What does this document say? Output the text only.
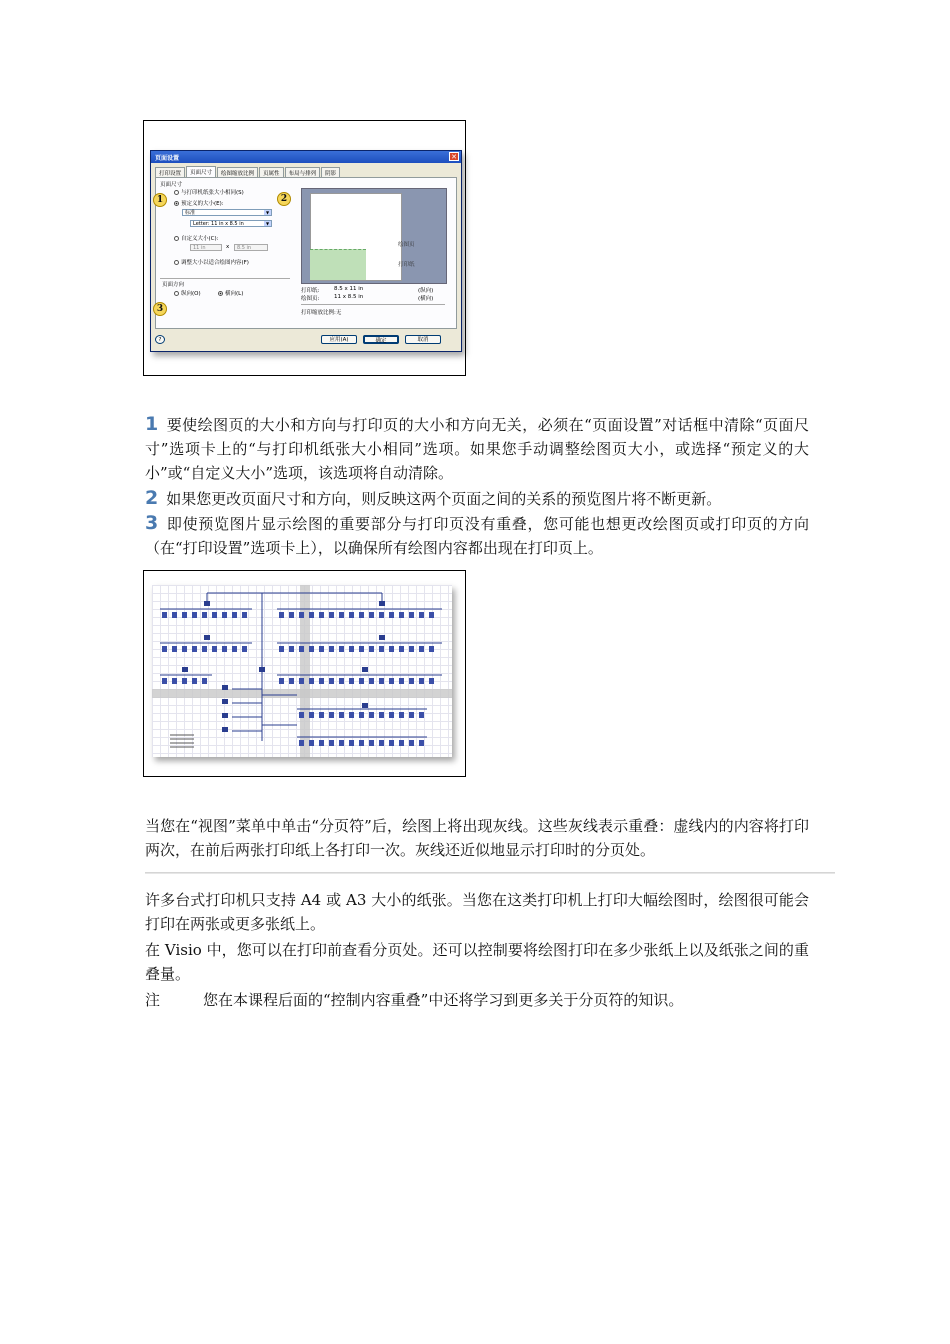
页面设置	✕
打印设置	页面尺寸	绘图缩放比例	页属性	布局与排列	阴影
页面尺寸
与打印机纸张大小相同(S)
预定义的大小(E):
标准	▼
Letter: 11 in x 8.5 in	▼
自定义大小(C):
11 in	x	8.5 in
调整大小以适合绘图内容(F)
页面方向
纵向(O)	横向(L)
绘图页
打印纸
打印纸:	8.5 x 11 in	(纵向)
绘图页:	11 x 8.5 in	(横向)
打印缩放比例:无
?	应用(A)	确定	取消
1	2
3
1 要使绘图页的大小和方向与打印页的大小和方向无关，必须在“页面设置”对话框中清除“页面尺寸”选项卡上的“与打印机纸张大小相同”选项。如果您手动调整绘图页大小，或选择“预定义的大小”或“自定义大小”选项，该选项将自动清除。
2 如果您更改页面尺寸和方向，则反映这两个页面之间的关系的预览图片将不断更新。
3 即使预览图片显示绘图的重要部分与打印页没有重叠，您可能也想更改绘图页或打印页的方向（在“打印设置”选项卡上），以确保所有绘图内容都出现在打印页上。
当您在“视图”菜单中单击“分页符”后，绘图上将出现灰线。这些灰线表示重叠：虚线内的内容将打印两次，在前后两张打印纸上各打印一次。灰线还近似地显示打印时的分页处。
许多台式打印机只支持 A4 或 A3 大小的纸张。当您在这类打印机上打印大幅绘图时，绘图很可能会打印在两张或更多张纸上。
在 Visio 中，您可以在打印前查看分页处。还可以控制要将绘图打印在多少张纸上以及纸张之间的重叠量。
注	您在本课程后面的“控制内容重叠”中还将学习到更多关于分页符的知识。
